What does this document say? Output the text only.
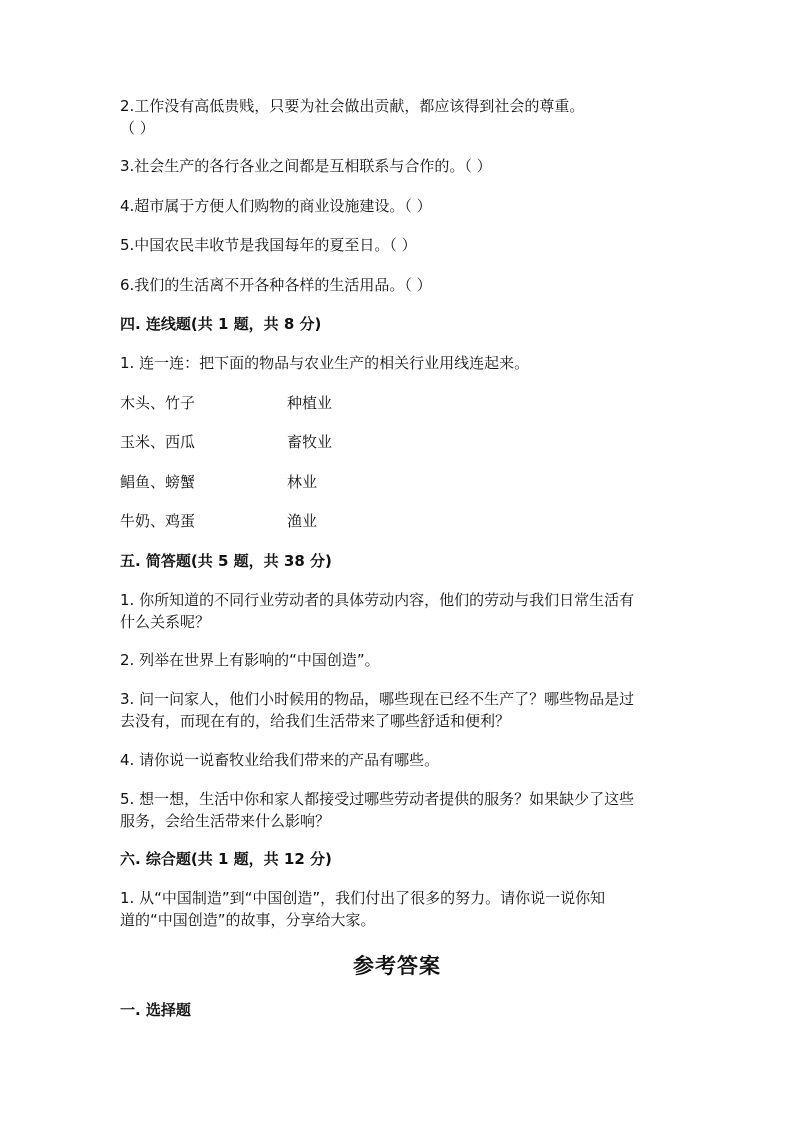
2.工作没有高低贵贱，只要为社会做出贡献，都应该得到社会的尊重。
（ ）
3.社会生产的各行各业之间都是互相联系与合作的。（ ）
4.超市属于方便人们购物的商业设施建设。（ ）
5.中国农民丰收节是我国每年的夏至日。（ ）
6.我们的生活离不开各种各样的生活用品。（ ）
四. 连线题(共 1 题，共 8 分)
1. 连一连：把下面的物品与农业生产的相关行业用线连起来。
木头、竹子	种植业
玉米、西瓜	畜牧业
鲳鱼、螃蟹	林业
牛奶、鸡蛋	渔业
五. 简答题(共 5 题，共 38 分)
1. 你所知道的不同行业劳动者的具体劳动内容，他们的劳动与我们日常生活有
什么关系呢？
2. 列举在世界上有影响的“中国创造”。
3. 问一问家人，他们小时候用的物品，哪些现在已经不生产了？哪些物品是过
去没有，而现在有的，给我们生活带来了哪些舒适和便利？
4. 请你说一说畜牧业给我们带来的产品有哪些。
5. 想一想，生活中你和家人都接受过哪些劳动者提供的服务？如果缺少了这些
服务，会给生活带来什么影响？
六. 综合题(共 1 题，共 12 分)
1. 从“中国制造”到“中国创造”，我们付出了很多的努力。请你说一说你知
道的“中国创造”的故事，分享给大家。
参考答案
一. 选择题
